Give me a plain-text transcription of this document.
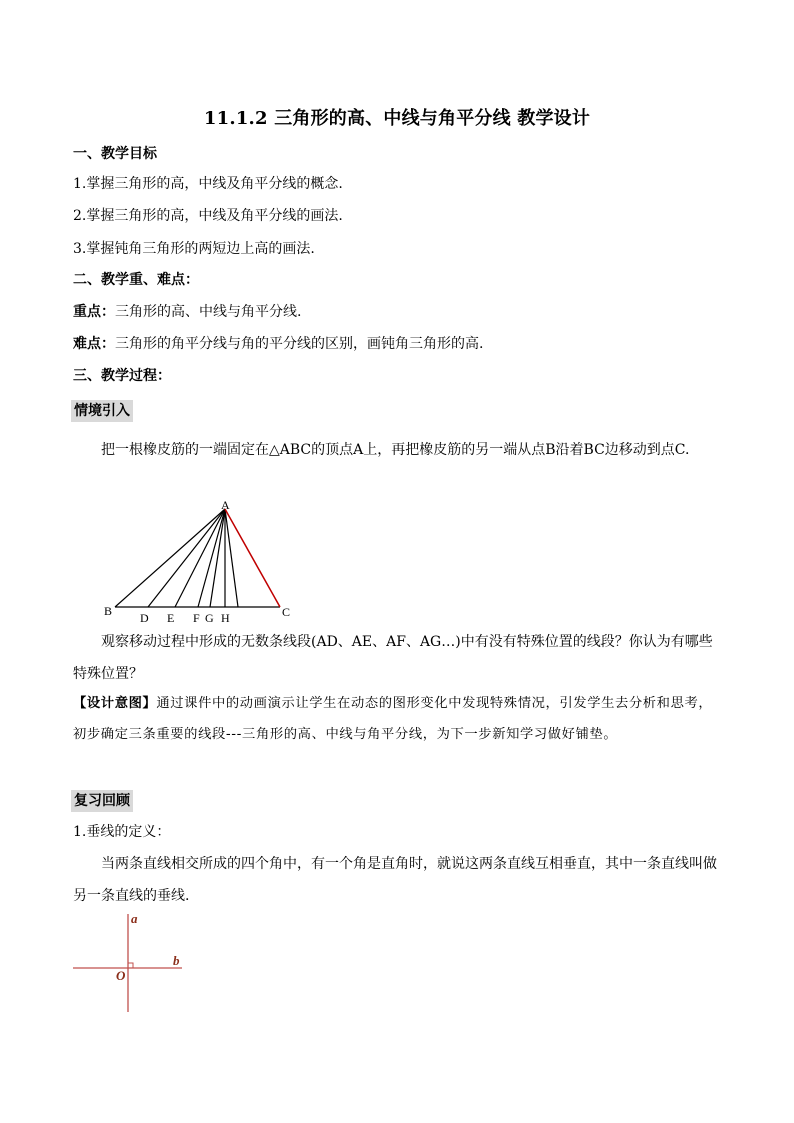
11.1.2 三角形的高、中线与角平分线 教学设计
一、教学目标
1.掌握三角形的高，中线及角平分线的概念.
2.掌握三角形的高，中线及角平分线的画法.
3.掌握钝角三角形的两短边上高的画法.
二、教学重、难点：
重点：三角形的高、中线与角平分线.
难点：三角形的角平分线与角的平分线的区别，画钝角三角形的高.
三、教学过程：
情境引入
把一根橡皮筋的一端固定在△ABC的顶点A上，再把橡皮筋的另一端从点B沿着BC边移动到点C.
A
B	C
D E F G H
观察移动过程中形成的无数条线段(AD、AE、AF、AG…)中有没有特殊位置的线段？你认为有哪些特殊位置？
【设计意图】通过课件中的动画演示让学生在动态的图形变化中发现特殊情况，引发学生去分析和思考，初步确定三条重要的线段---三角形的高、中线与角平分线，为下一步新知学习做好铺垫。
复习回顾
1.垂线的定义：
当两条直线相交所成的四个角中，有一个角是直角时，就说这两条直线互相垂直，其中一条直线叫做另一条直线的垂线.
a
b
O
